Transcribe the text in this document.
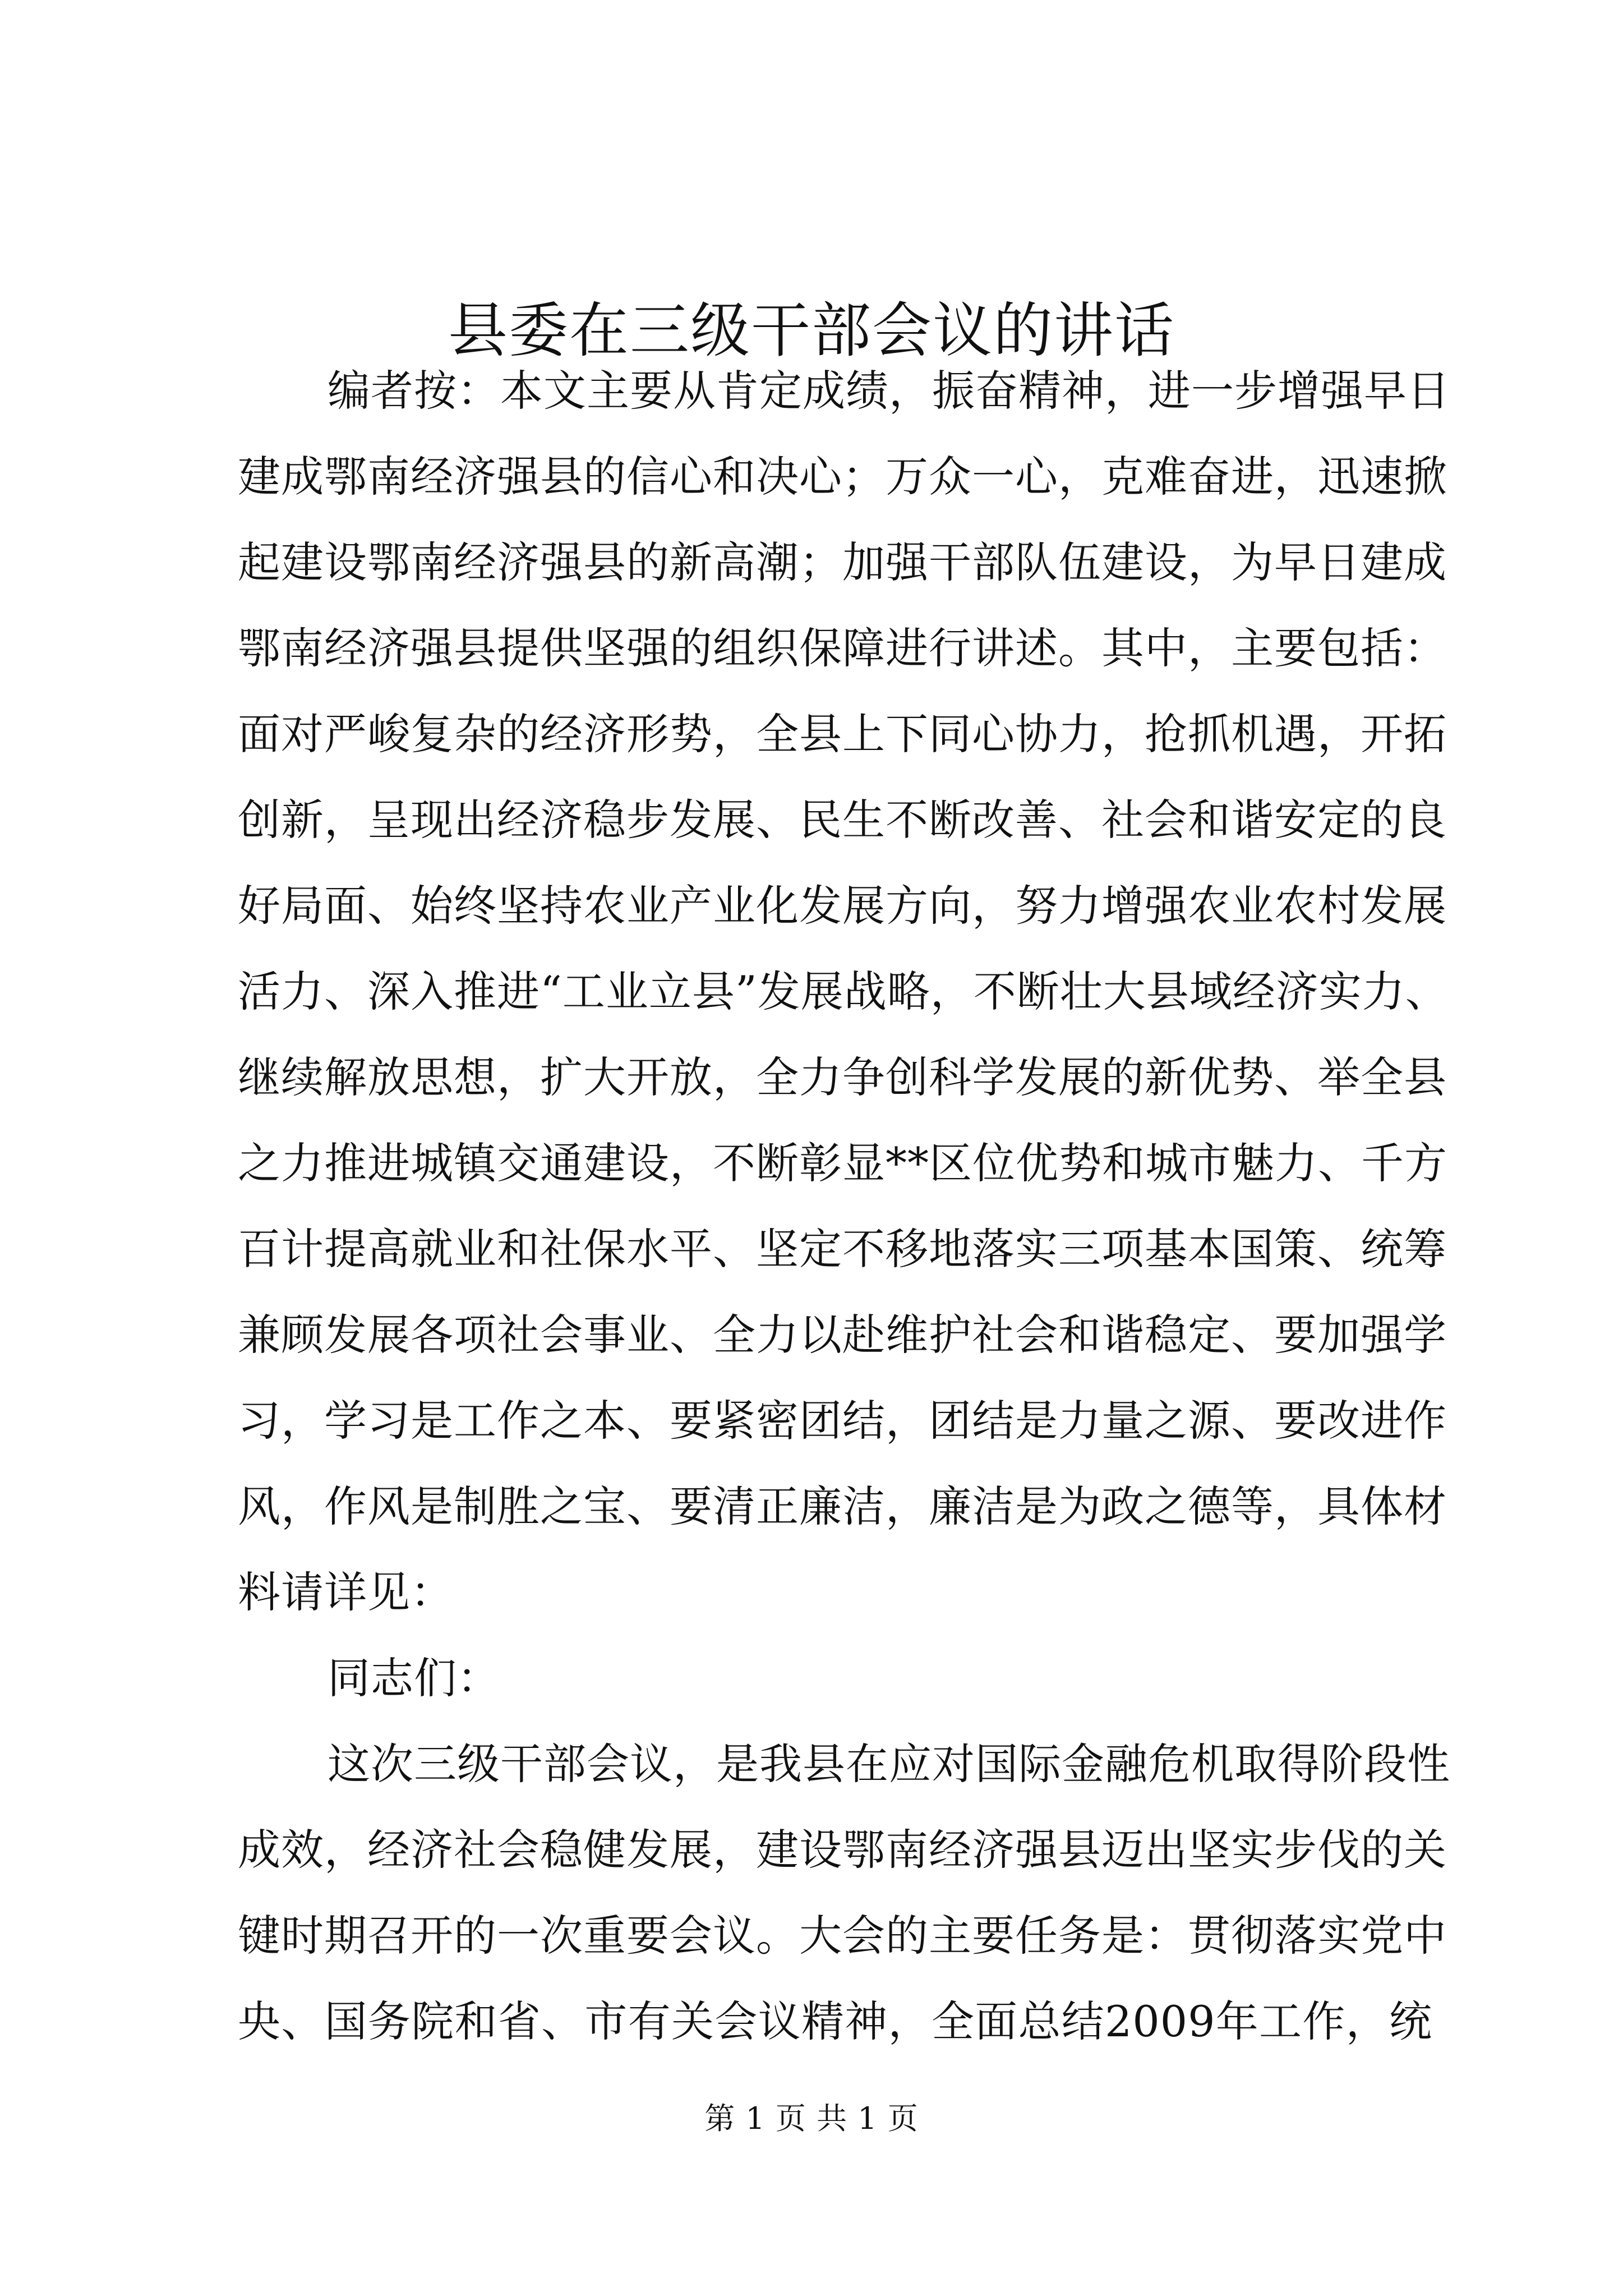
县委在三级干部会议的讲话
编者按：本文主要从肯定成绩，振奋精神，进一步增强早日
建成鄂南经济强县的信心和决心；万众一心，克难奋进，迅速掀
起建设鄂南经济强县的新高潮；加强干部队伍建设，为早日建成
鄂南经济强县提供坚强的组织保障进行讲述。其中，主要包括：
面对严峻复杂的经济形势，全县上下同心协力，抢抓机遇，开拓
创新，呈现出经济稳步发展、民生不断改善、社会和谐安定的良
好局面、始终坚持农业产业化发展方向，努力增强农业农村发展
活力、深入推进“工业立县”发展战略，不断壮大县域经济实力、
继续解放思想，扩大开放，全力争创科学发展的新优势、举全县
之力推进城镇交通建设，不断彰显**区位优势和城市魅力、千方
百计提高就业和社保水平、坚定不移地落实三项基本国策、统筹
兼顾发展各项社会事业、全力以赴维护社会和谐稳定、要加强学
习，学习是工作之本、要紧密团结，团结是力量之源、要改进作
风，作风是制胜之宝、要清正廉洁，廉洁是为政之德等，具体材
料请详见：
同志们：
这次三级干部会议，是我县在应对国际金融危机取得阶段性
成效，经济社会稳健发展，建设鄂南经济强县迈出坚实步伐的关
键时期召开的一次重要会议。大会的主要任务是：贯彻落实党中
央、国务院和省、市有关会议精神，全面总结2009年工作，统
第 1 页 共 1 页
